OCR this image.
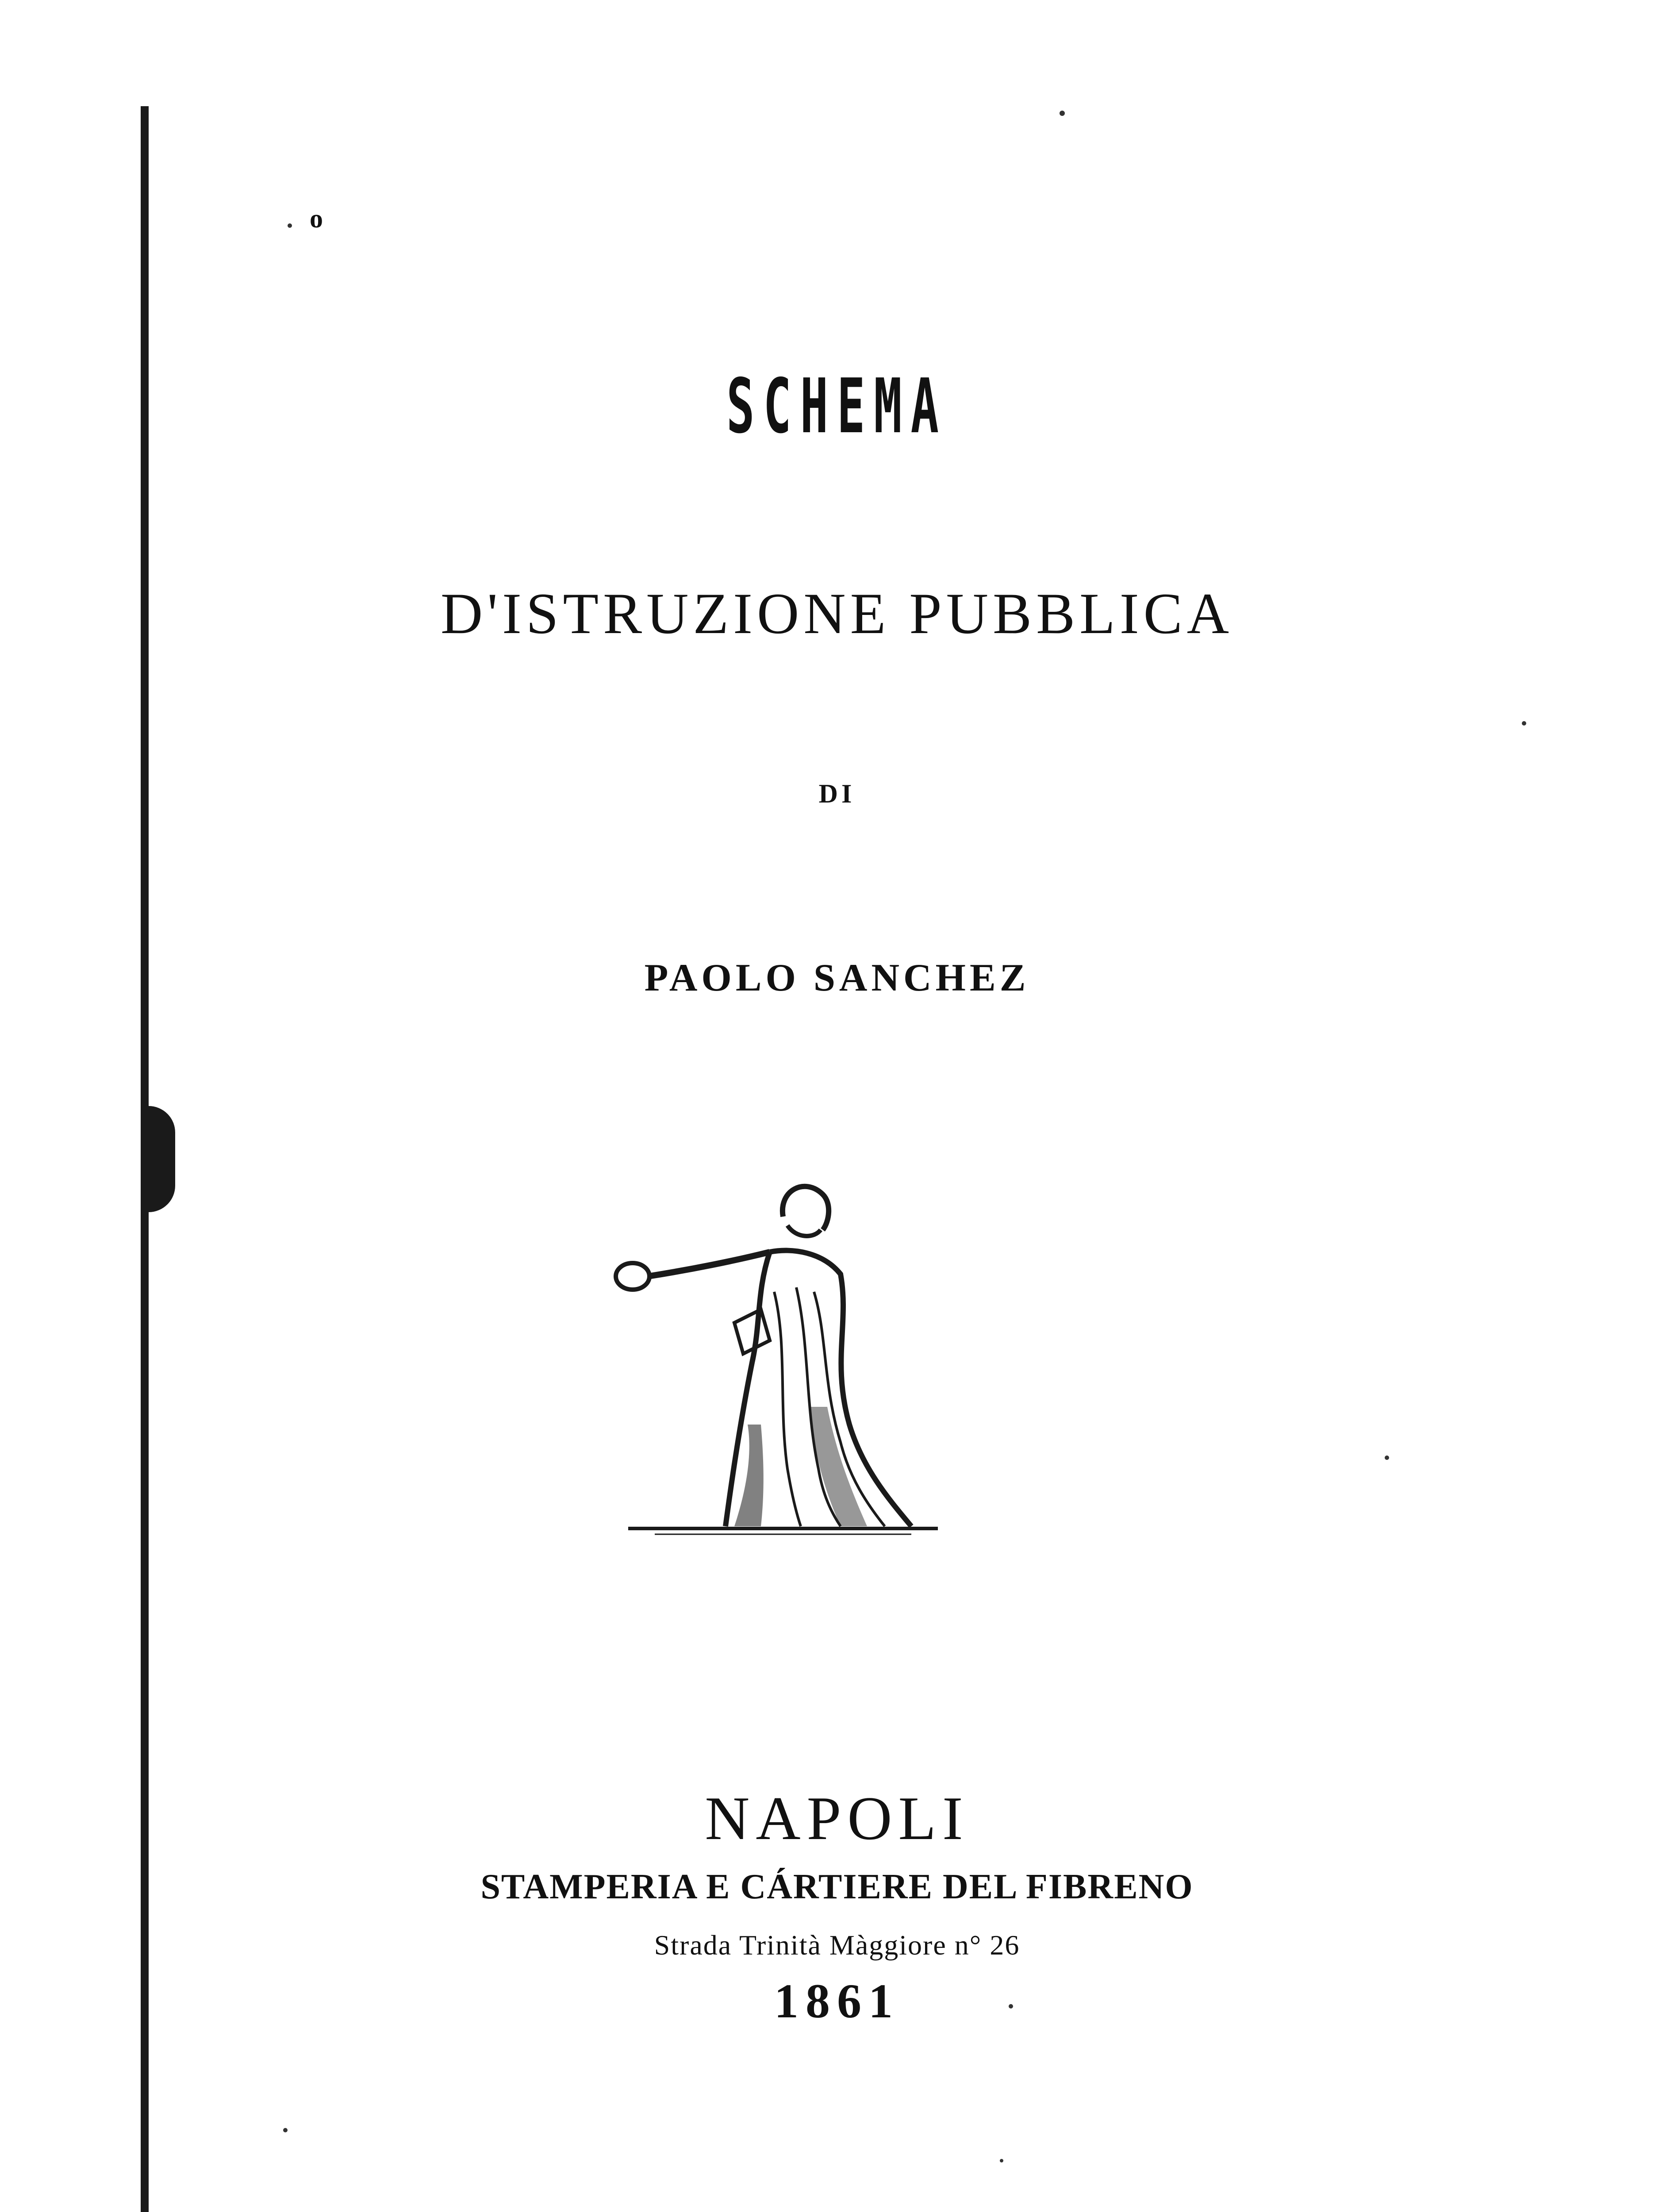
o
SCHEMA
D'ISTRUZIONE PUBBLICA
DI
PAOLO SANCHEZ
NAPOLI
STAMPERIA E CÁRTIERE DEL FIBRENO
Strada Trinità Màggiore n° 26
1861
